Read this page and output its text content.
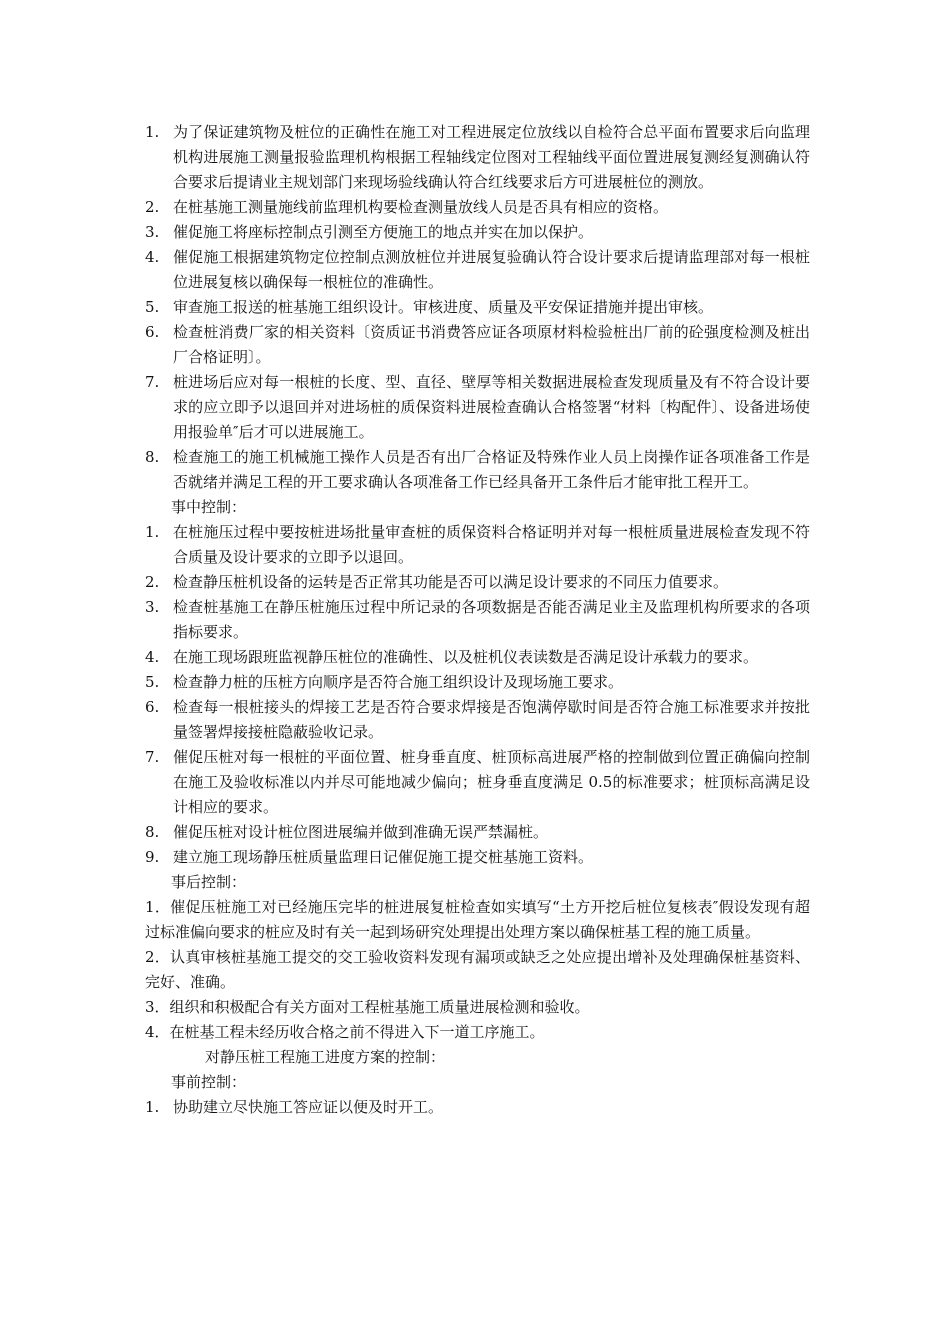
1. 为了保证建筑物及桩位的正确性在施工对工程进展定位放线以自检符合总平面布置要求后向监理机构进展施工测量报验监理机构根据工程轴线定位图对工程轴线平面位置进展复测经复测确认符合要求后提请业主规划部门来现场验线确认符合红线要求后方可进展桩位的测放。
2. 在桩基施工测量施线前监理机构要检查测量放线人员是否具有相应的资格。
3. 催促施工将座标控制点引测至方便施工的地点并实在加以保护。
4. 催促施工根据建筑物定位控制点测放桩位并进展复验确认符合设计要求后提请监理部对每一根桩位进展复核以确保每一根桩位的准确性。
5. 审查施工报送的桩基施工组织设计。审核进度、质量及平安保证措施并提出审核。
6. 检查桩消费厂家的相关资料〔资质证书消费答应证各项原材料检验桩出厂前的砼强度检测及桩出厂合格证明〕。
7. 桩进场后应对每一根桩的长度、型、直径、壁厚等相关数据进展检查发现质量及有不符合设计要求的应立即予以退回并对进场桩的质保资料进展检查确认合格签署“材料〔构配件〕、设备进场使用报验单″后才可以进展施工。
8. 检查施工的施工机械施工操作人员是否有出厂合格证及特殊作业人员上岗操作证各项准备工作是否就绪并满足工程的开工要求确认各项准备工作已经具备开工条件后才能审批工程开工。
事中控制：
1. 在桩施压过程中要按桩进场批量审查桩的质保资料合格证明并对每一根桩质量进展检查发现不符合质量及设计要求的立即予以退回。
2. 检查静压桩机设备的运转是否正常其功能是否可以满足设计要求的不同压力值要求。
3. 检查桩基施工在静压桩施压过程中所记录的各项数据是否能否满足业主及监理机构所要求的各项指标要求。
4. 在施工现场跟班监视静压桩位的准确性、以及桩机仪表读数是否满足设计承载力的要求。
5. 检查静力桩的压桩方向顺序是否符合施工组织设计及现场施工要求。
6. 检查每一根桩接头的焊接工艺是否符合要求焊接是否饱满停歇时间是否符合施工标准要求并按批量签署焊接接桩隐蔽验收记录。
7. 催促压桩对每一根桩的平面位置、桩身垂直度、桩顶标高进展严格的控制做到位置正确偏向控制在施工及验收标准以内并尽可能地减少偏向；桩身垂直度满足 0.5的标准要求；桩顶标高满足设计相应的要求。
8. 催促压桩对设计桩位图进展编并做到准确无误严禁漏桩。
9. 建立施工现场静压桩质量监理日记催促施工提交桩基施工资料。
事后控制：
1．催促压桩施工对已经施压完毕的桩进展复桩检查如实填写“土方开挖后桩位复核表″假设发现有超过标准偏向要求的桩应及时有关一起到场研究处理提出处理方案以确保桩基工程的施工质量。
2．认真审核桩基施工提交的交工验收资料发现有漏项或缺乏之处应提出增补及处理确保桩基资料、完好、准确。
3．组织和积极配合有关方面对工程桩基施工质量进展检测和验收。
4．在桩基工程未经历收合格之前不得进入下一道工序施工。
对静压桩工程施工进度方案的控制：
事前控制：
1. 协助建立尽快施工答应证以便及时开工。
